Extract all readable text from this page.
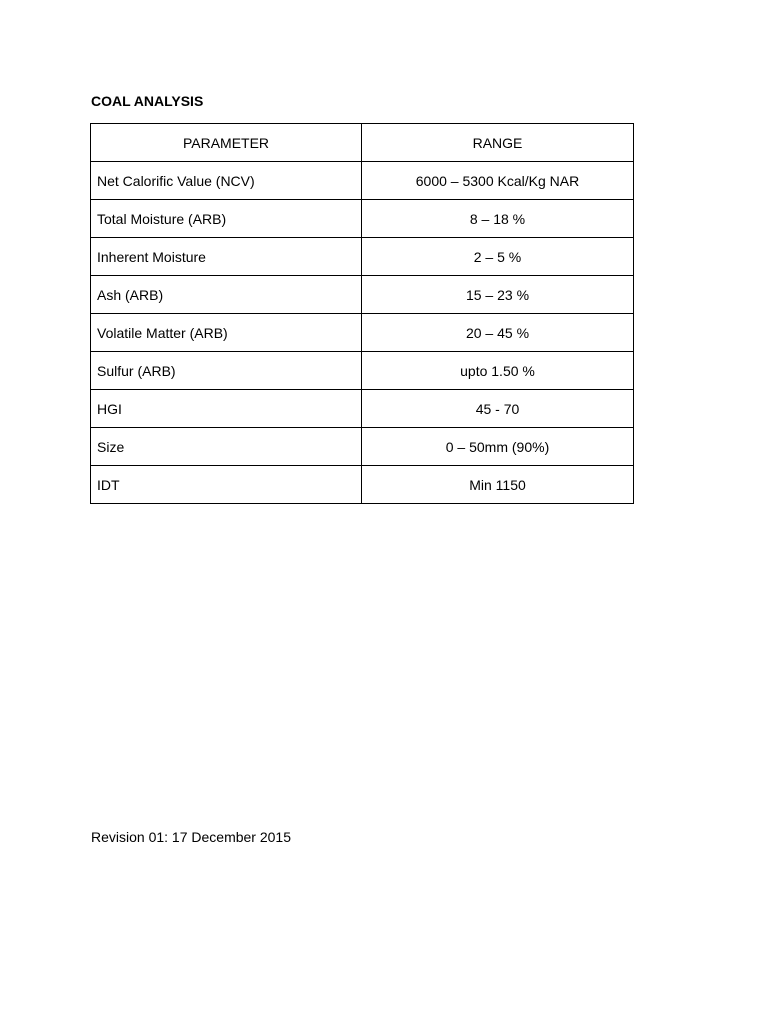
COAL ANALYSIS
PARAMETER	RANGE
Net Calorific Value (NCV)	6000 – 5300 Kcal/Kg NAR
Total Moisture (ARB)	8 – 18 %
Inherent Moisture	2 – 5 %
Ash (ARB)	15 – 23 %
Volatile Matter (ARB)	20 – 45 %
Sulfur (ARB)	upto 1.50 %
HGI	45 - 70
Size	0 – 50mm (90%)
IDT	Min 1150

Revision 01: 17 December 2015
